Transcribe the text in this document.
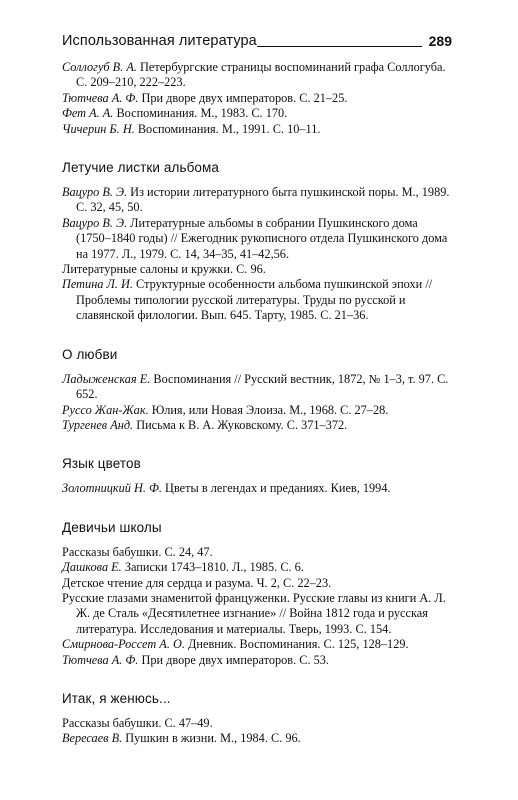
Использованная литература	289
Соллогуб В. А. Петербургские страницы воспоминаний графа Соллогуба. С. 209–210, 222–223.
Тютчева А. Ф. При дворе двух императоров. С. 21–25.
Фет А. А. Воспоминания. М., 1983. С. 170.
Чичерин Б. Н. Воспоминания. М., 1991. С. 10–11.
Летучие листки альбома
Вацуро В. Э. Из истории литературного быта пушкинской поры. М., 1989. С. 32, 45, 50.
Вацуро В. Э. Литературные альбомы в собрании Пушкинского дома (1750–1840 годы) // Ежегодник рукописного отдела Пушкинского дома на 1977. Л., 1979. С. 14, 34–35, 41–42,56.
Литературные салоны и кружки. С. 96.
Петина Л. И. Структурные особенности альбома пушкинской эпохи // Проблемы типологии русской литературы. Труды по русской и славянской филологии. Вып. 645. Тарту, 1985. С. 21–36.
О любви
Ладыженская Е. Воспоминания // Русский вестник, 1872, № 1–3, т. 97. С. 652.
Руссо Жан-Жак. Юлия, или Новая Элоиза. М., 1968. С. 27–28.
Тургенев Анд. Письма к В. А. Жуковскому. С. 371–372.
Язык цветов
Золотницкий Н. Ф. Цветы в легендах и преданиях. Киев, 1994.
Девичьи школы
Рассказы бабушки. С. 24, 47.
Дашкова Е. Записки 1743–1810. Л., 1985. С. 6.
Детское чтение для сердца и разума. Ч. 2, С. 22–23.
Русские глазами знаменитой француженки. Русские главы из книги А. Л. Ж. де Сталь «Десятилетнее изгнание» // Война 1812 года и русская литература. Исследования и материалы. Тверь, 1993. С. 154.
Смирнова-Россет А. О. Дневник. Воспоминания. С. 125, 128–129.
Тютчева А. Ф. При дворе двух императоров. С. 53.
Итак, я женюсь...
Рассказы бабушки. С. 47–49.
Вересаев В. Пушкин в жизни. М., 1984. С. 96.
